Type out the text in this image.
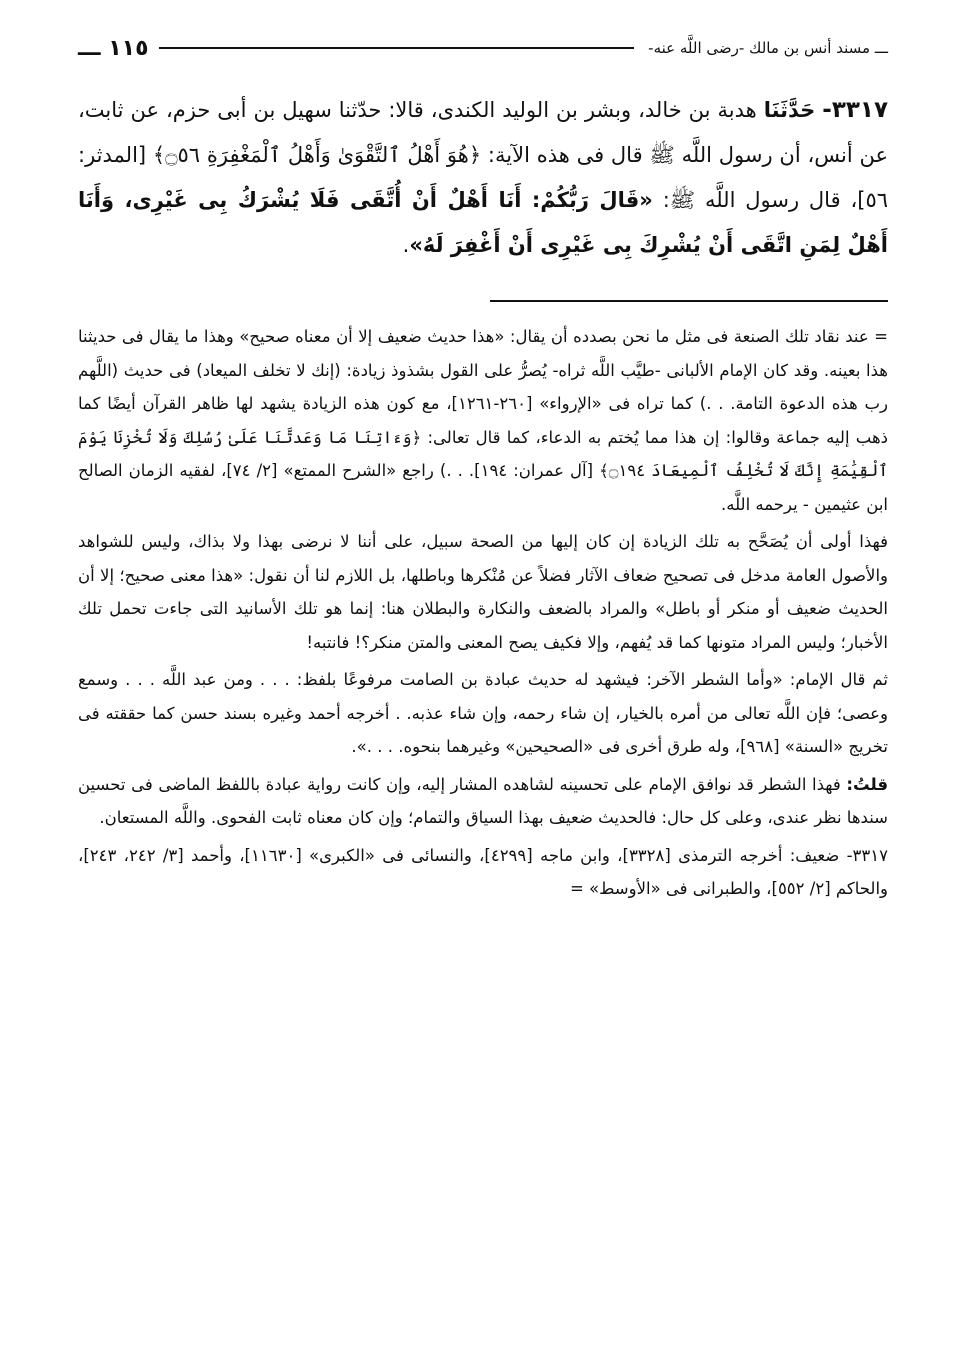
ـــ مسند أنس بن مالك -رضى اللَّه عنه-
١١٥ ـــ
٣٣١٧- حَدَّثَنَا هدبة بن خالد، وبشر بن الوليد الكندى، قالا: حدّثنا سهيل بن أبى حزم، عن ثابت، عن أنس، أن رسول اللَّه ﷺ قال فى هذه الآية: ﴿هُوَ أَهْلُ ٱلتَّقْوَىٰ وَأَهْلُ ٱلْمَغْفِرَةِ ۝٥٦﴾ [المدثر: ٥٦]، قال رسول اللَّه ﷺ: «قَالَ رَبُّكُمْ: أَنَا أَهْلٌ أَنْ أُتَّقَى فَلَا يُشْرَكُ بِى غَيْرِى، وَأَنَا أَهْلٌ لِمَنِ اتَّقَى أَنْ يُشْرِكَ بِى غَيْرِى أَنْ أَغْفِرَ لَهُ».

= عند نقاد تلك الصنعة فى مثل ما نحن بصدده أن يقال: «هذا حديث ضعيف إلا أن معناه صحيح» وهذا ما يقال فى حديثنا هذا بعينه. وقد كان الإمام الألبانى -طيَّب اللَّه ثراه- يُصرُّ على القول بشذوذ زيادة: (إنك لا تخلف الميعاد) فى حديث (اللَّهم رب هذه الدعوة التامة. . .) كما تراه فى «الإرواء» [٢٦٠-١٢٦١]، مع كون هذه الزيادة يشهد لها ظاهر القرآن أيضًا كما ذهب إليه جماعة وقالوا: إن هذا مما يُختم به الدعاء، كما قال تعالى: ﴿وَءَاتِنَا مَا وَعَدتَّنَا عَلَىٰ رُسُلِكَ وَلَا تُخْزِنَا يَوْمَ ٱلْقِيَٰمَةِ إِنَّكَ لَا تُخْلِفُ ٱلْمِيعَادَ ۝١٩٤﴾ [آل عمران: ١٩٤]. . .) راجع «الشرح الممتع» [٢/ ٧٤]، لفقيه الزمان الصالح ابن عثيمين - يرحمه اللَّه.

فهذا أولى أن يُصَحَّح به تلك الزيادة إن كان إليها من الصحة سبيل، على أننا لا نرضى بهذا ولا بذاك، وليس للشواهد والأصول العامة مدخل فى تصحيح ضعاف الآثار فضلاً عن مُنْكرها وباطلها، بل اللازم لنا أن نقول: «هذا معنى صحيح؛ إلا أن الحديث ضعيف أو منكر أو باطل» والمراد بالضعف والنكارة والبطلان هنا: إنما هو تلك الأسانيد التى جاءت تحمل تلك الأخبار؛ وليس المراد متونها كما قد يُفهم، وإلا فكيف يصح المعنى والمتن منكر؟! فانتبه!

ثم قال الإمام: «وأما الشطر الآخر: فيشهد له حديث عبادة بن الصامت مرفوعًا بلفظ: . . . ومن عبد اللَّه . . . وسمع وعصى؛ فإن اللَّه تعالى من أمره بالخيار، إن شاء رحمه، وإن شاء عذبه. . أخرجه أحمد وغيره بسند حسن كما حققته فى تخريج «السنة» [٩٦٨]، وله طرق أخرى فى «الصحيحين» وغيرهما بنحوه. . . .».

قلتُ: فهذا الشطر قد نوافق الإمام على تحسينه لشاهده المشار إليه، وإن كانت رواية عبادة باللفظ الماضى فى تحسين سندها نظر عندى، وعلى كل حال: فالحديث ضعيف بهذا السياق والتمام؛ وإن كان معناه ثابت الفحوى. واللَّه المستعان.

٣٣١٧- ضعيف: أخرجه الترمذى [٣٣٢٨]، وابن ماجه [٤٢٩٩]، والنسائى فى «الكبرى» [١١٦٣٠]، وأحمد [٣/ ٢٤٢، ٢٤٣]، والحاكم [٢/ ٥٥٢]، والطبرانى فى «الأوسط» =
